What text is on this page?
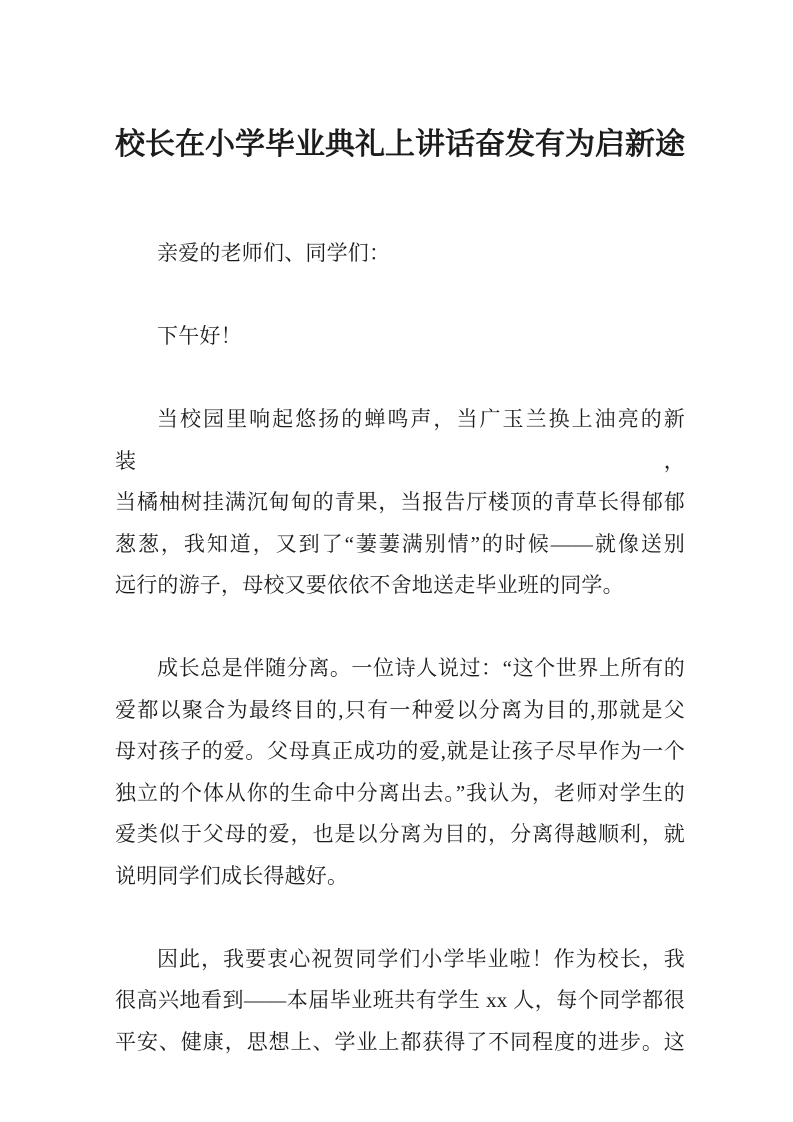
校长在小学毕业典礼上讲话奋发有为启新途
亲爱的老师们、同学们：
下午好！
当校园里响起悠扬的蝉鸣声，当广玉兰换上油亮的新装，
当橘柚树挂满沉甸甸的青果，当报告厅楼顶的青草长得郁郁
葱葱，我知道，又到了“萋萋满别情”的时候——就像送别
远行的游子，母校又要依依不舍地送走毕业班的同学。
成长总是伴随分离。一位诗人说过：“这个世界上所有的
爱都以聚合为最终目的,只有一种爱以分离为目的,那就是父
母对孩子的爱。父母真正成功的爱,就是让孩子尽早作为一个
独立的个体从你的生命中分离出去。”我认为，老师对学生的
爱类似于父母的爱，也是以分离为目的，分离得越顺利，就
说明同学们成长得越好。
因此，我要衷心祝贺同学们小学毕业啦！作为校长，我
很高兴地看到——本届毕业班共有学生 xx 人，每个同学都很
平安、健康，思想上、学业上都获得了不同程度的进步。这
